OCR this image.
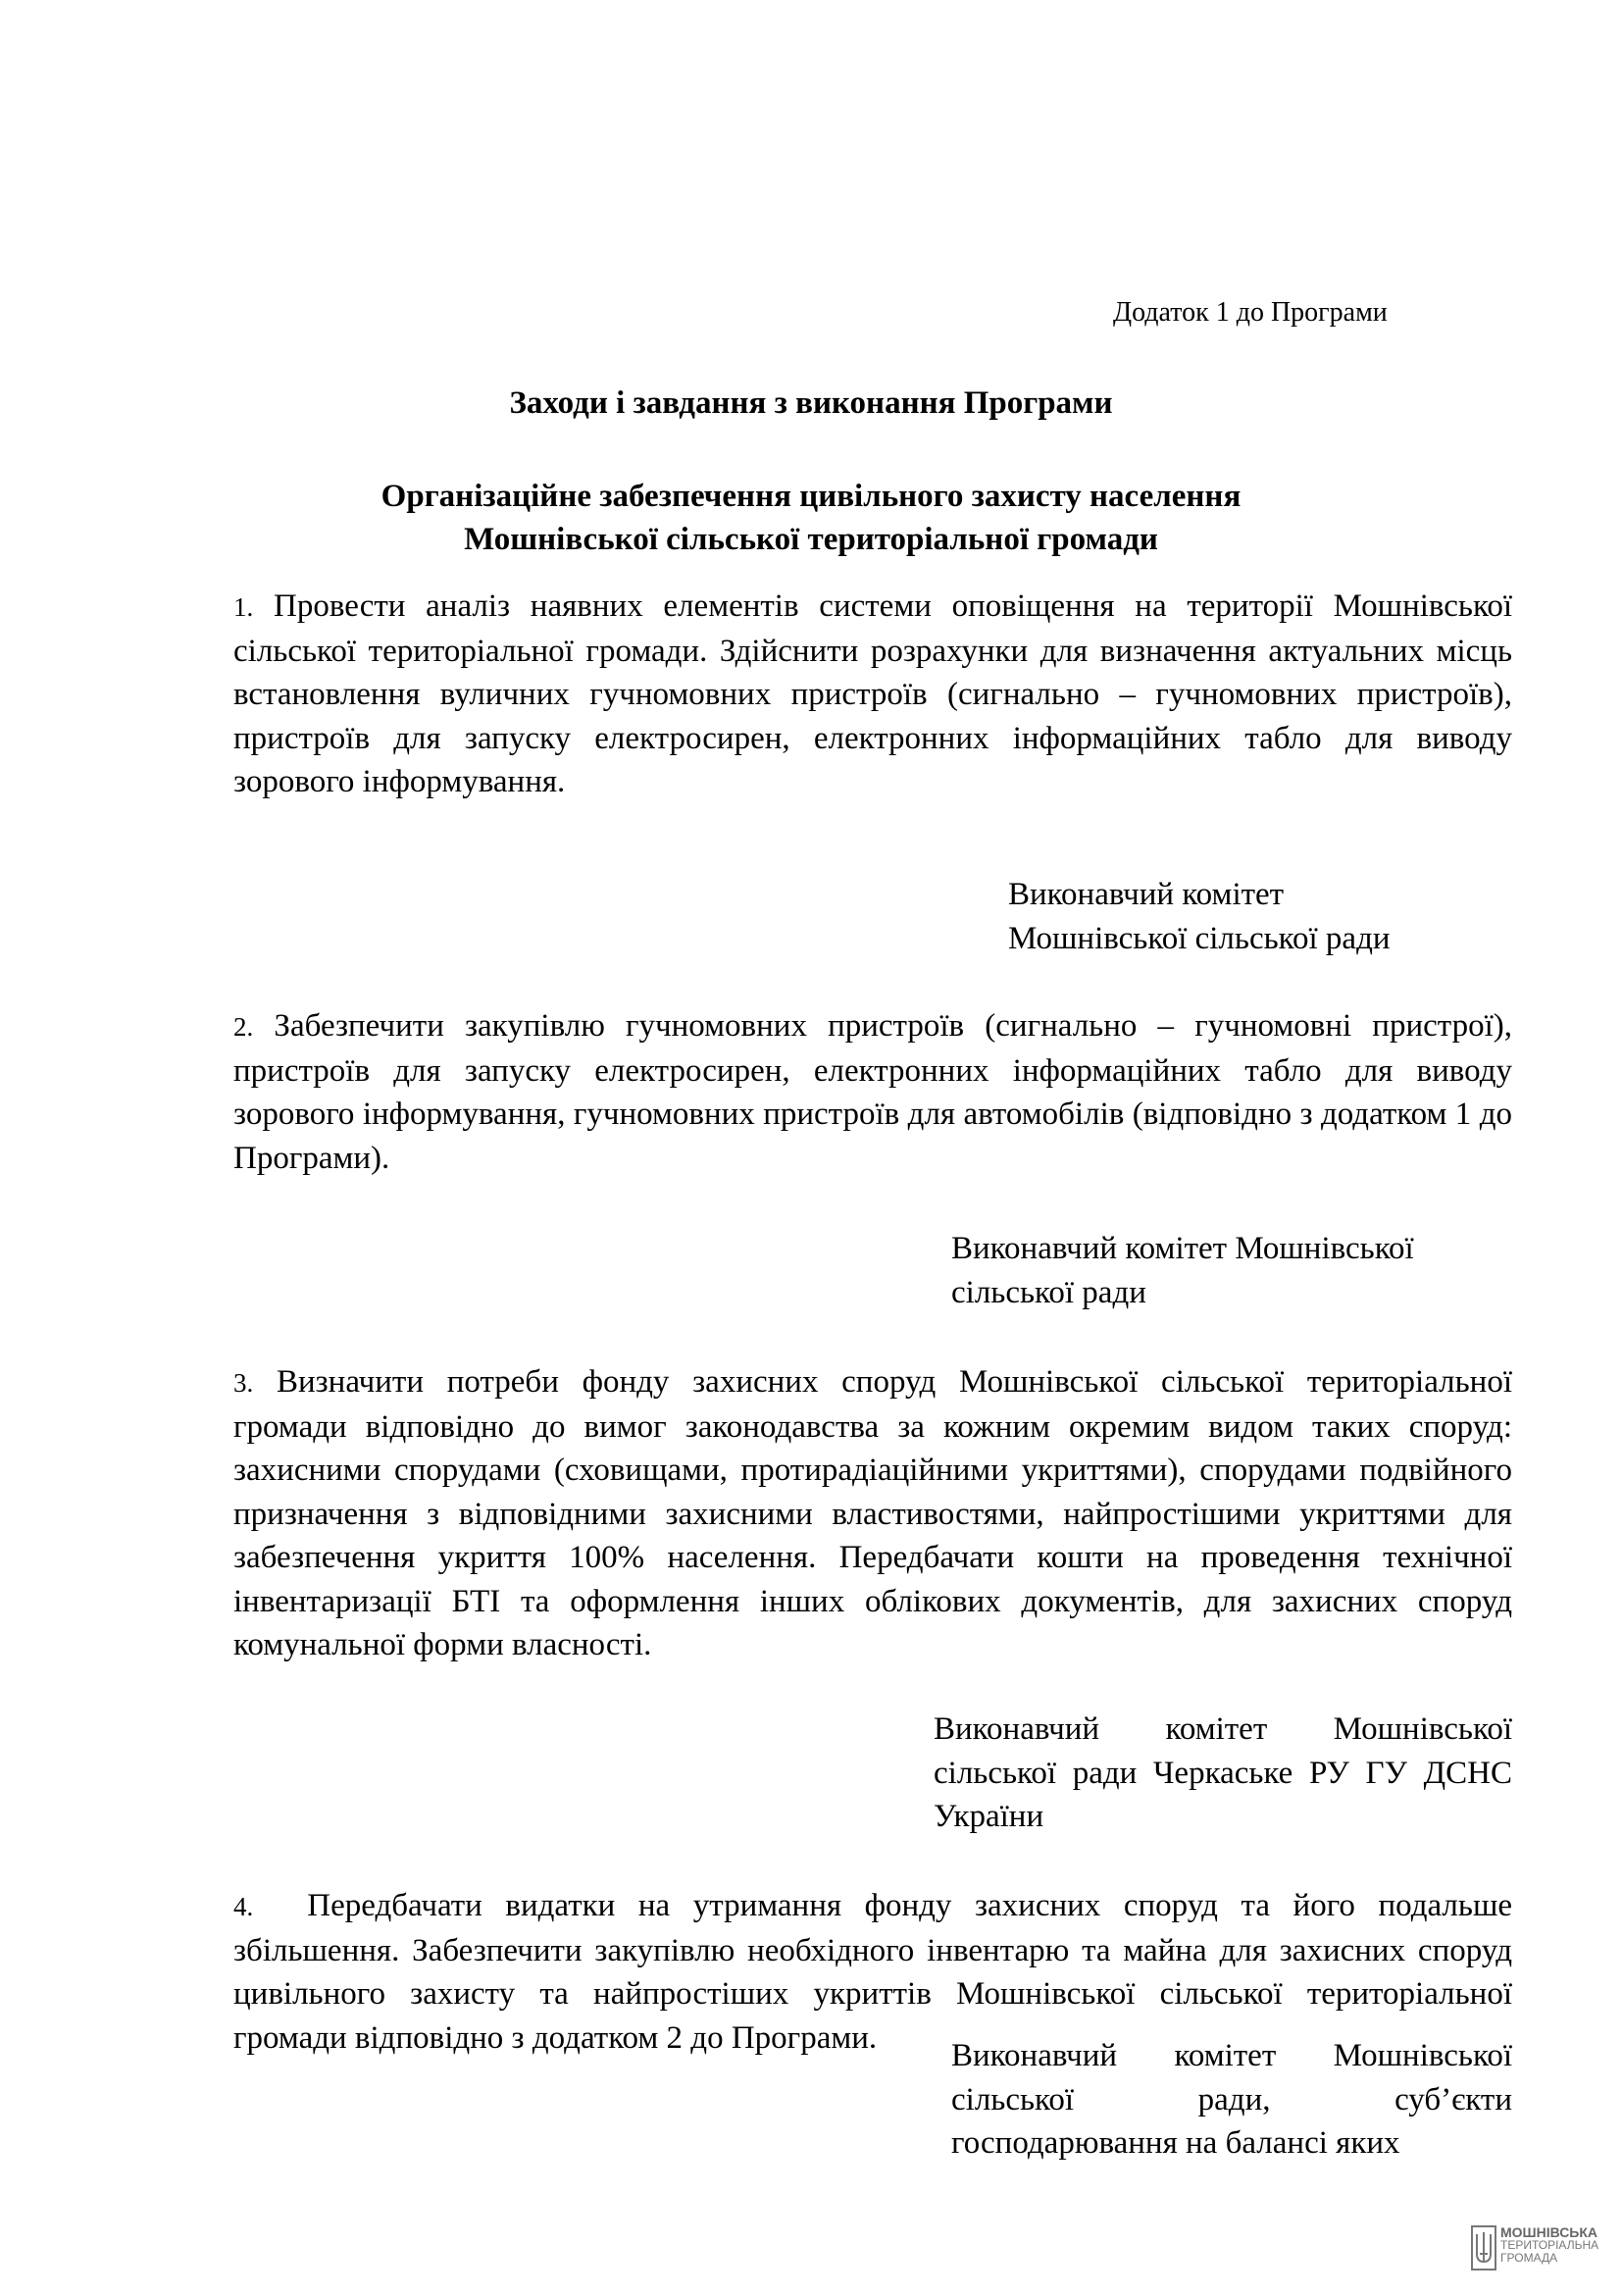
Додаток 1 до Програми
Заходи і завдання з виконання Програми
Організаційне забезпечення цивільного захисту населення
Мошнівської сільської територіальної громади
1. Провести аналіз наявних елементів системи оповіщення на території Мошнівської сільської територіальної громади. Здійснити розрахунки для визначення актуальних місць встановлення вуличних гучномовних пристроїв (сигнально – гучномовних пристроїв), пристроїв для запуску електросирен, електронних інформаційних табло для виводу зорового інформування.
Виконавчий комітет
Мошнівської сільської ради
2. Забезпечити закупівлю гучномовних пристроїв (сигнально – гучномовні пристрої), пристроїв для запуску електросирен, електронних інформаційних табло для виводу зорового інформування, гучномовних пристроїв для автомобілів (відповідно з додатком 1 до Програми).
Виконавчий комітет Мошнівської
сільської ради
3. Визначити потреби фонду захисних споруд Мошнівської сільської територіальної громади відповідно до вимог законодавства за кожним окремим видом таких споруд: захисними спорудами (сховищами, протирадіаційними укриттями), спорудами подвійного призначення з відповідними захисними властивостями, найпростішими укриттями для забезпечення укриття 100% населення. Передбачати кошти на проведення технічної інвентаризації БТІ та оформлення інших облікових документів, для захисних споруд комунальної форми власності.
Виконавчий комітет Мошнівської сільської ради Черкаське РУ ГУ ДСНС України
4. Передбачати видатки на утримання фонду захисних споруд та його подальше збільшення. Забезпечити закупівлю необхідного інвентарю та майна для захисних споруд цивільного захисту та найпростіших укриттів Мошнівської сільської територіальної громади відповідно з додатком 2 до Програми.
Виконавчий комітет Мошнівської сільської ради, суб’єкти господарювання на балансі яких
МОШНІВСЬКА
ТЕРИТОРІАЛЬНА
ГРОМАДА
